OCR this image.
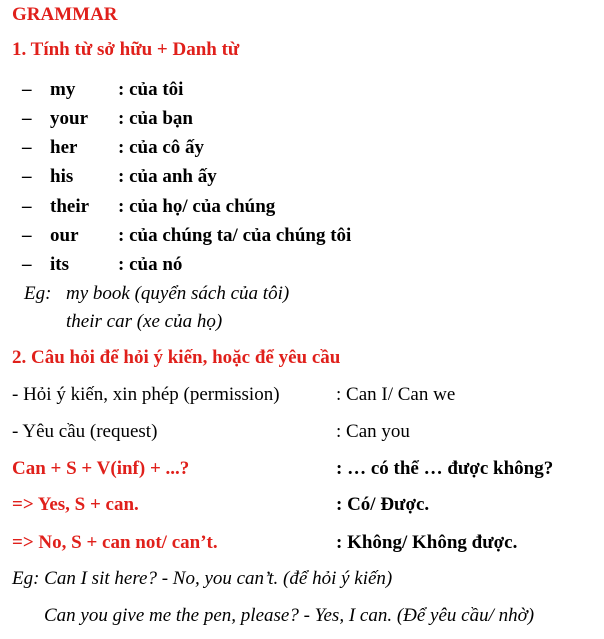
GRAMMAR
1. Tính từ sở hữu + Danh từ
– my : của tôi
– your : của bạn
– her : của cô ấy
– his : của anh ấy
– their : của họ/ của chúng
– our : của chúng ta/ của chúng tôi
– its	: của nó
Eg: my book (quyển sách của tôi)
their car (xe của họ)
2. Câu hỏi để hỏi ý kiến, hoặc để yêu cầu
- Hỏi ý kiến, xin phép (permission)	: Can I/ Can we
- Yêu cầu (request)	: Can you
Can + S + V(inf) + ...?	: … có thể … được không?
=> Yes, S + can.	: Có/ Được.
=> No, S + can not/ can’t.	: Không/ Không được.
Eg: Can I sit here? - No, you can’t. (để hỏi ý kiến)
Can you give me the pen, please? - Yes, I can. (Để yêu cầu/ nhờ)
